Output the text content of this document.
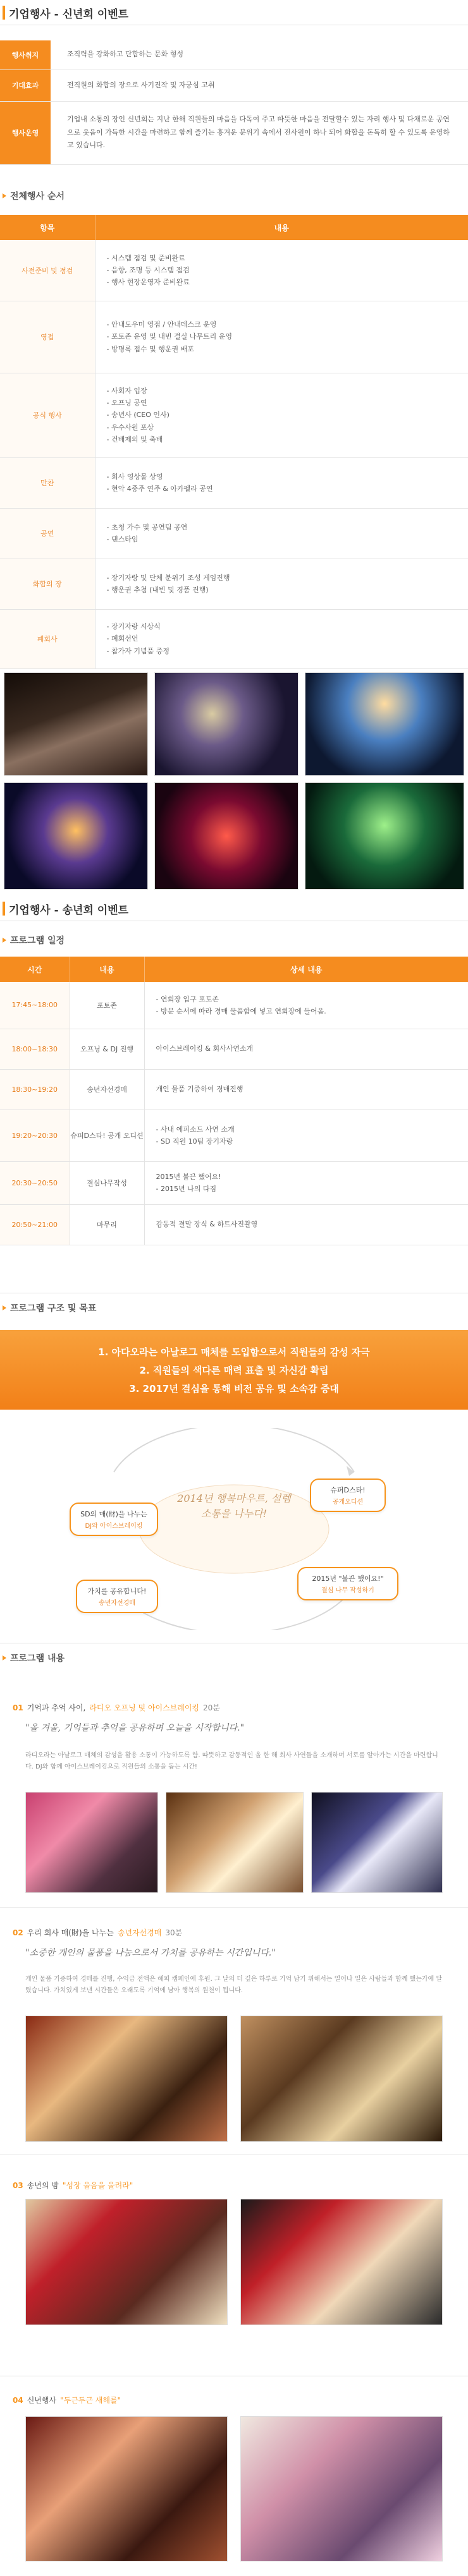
기업행사 - 신년회 이벤트
행사취지	조직력을 강화하고 단합하는 문화 형성
기대효과	전직원의 화합의 장으로 사기진작 및 자긍심 고취
행사운영	기업내 소통의 장인 신년회는 지난 한해 직원들의 마음을 다독여 주고 따뜻한 마음을 전달할수 있는 자리 행사 및 다채로운 공연으로 웃음이 가득한 시간을 마련하고 함께 즐기는 흥겨운 분위기 속에서 전사원이 하나 되어 화합을 돈독히 할 수 있도록 운영하고 있습니다.
전체행사 순서
항목	내용
사전준비 및 점검	- 시스템 점검 및 준비완료
- 음향, 조명 등 시스템 점검
- 행사 현장운영자 준비완료

영접	- 안내도우미 영접 / 안내데스크 운영
- 포토존 운영 및 내빈 결실 나무트리 운영
- 방명록 접수 및 행운권 배포

공식 행사	- 사회자 입장
- 오프닝 공연
- 송년사 (CEO 인사)
- 우수사원 포상
- 건배제의 및 축배

만찬	- 회사 영상물 상영
- 현악 4중주 연주 & 아카펠라 공연

공연	- 초청 가수 및 공연팀 공연
- 댄스타임

화합의 장	- 장기자랑 및 단체 분위기 조성 게임진행
- 행운권 추첨 (내빈 및 경품 진행)

폐회사	- 장기자랑 시상식
- 폐회선언
- 참가자 기념품 증정
기업행사 - 송년회 이벤트
프로그램 일정
시간	내용	상세 내용
17:45~18:00	포토존	- 연회장 입구 포토존
- 방문 순서에 따라 경매 물품함에 넣고 연회장에 들어옴.

18:00~18:30	오프닝 & DJ 진행	아이스브레이킹 & 회사사연소개

18:30~19:20	송년자선경매	개인 물품 기증하여 경매진행

19:20~20:30	슈퍼D스타! 공개 오디션	- 사내 에피소드 사연 소개
- SD 직원 10팀 장기자랑

20:30~20:50	결심나무작성	2015년 불끈 했어요!
- 2015년 나의 다짐

20:50~21:00	마무리	감동적 결말 장식 & 하트사진촬영
프로그램 구조 및 목표
1. 아다오라는 아날로그 매체를 도입함으로서 직원들의 감성 자극
2. 직원들의 색다른 매력 표출 및 자신감 확립
3. 2017년 결심을 통해 비전 공유 및 소속감 증대
2014년 행복마우트, 설렘 소통을 나누다!
SD의 매(財)을 나누는
DJ와 아이스브레이킹
슈퍼D스타!
공개오디션
가치를 공유합니다!
송년자선경매
2015년 "불끈 했어요!"
결심 나무 작성하기
프로그램 내용
01 기억과 추억 사이, 라디오 오프닝 및 아이스브레이킹 20분
"올 겨울, 기억들과 추억을 공유하며 오늘을 시작합니다."
라디오라는 아날로그 매체의 감성을 활용 소통이 가능하도록 함. 따뜻하고 감동적인 올 한 해 회사 사연들을 소개하며 서로를 알아가는 시간을 마련합니다. DJ와 함께 아이스브레이킹으로 직원들의 소통을 돕는 시간!
02 우리 회사 매(財)을 나누는 송년자선경매 30분
"소중한 개인의 물품을 나눔으로서 가치를 공유하는 시간입니다."
개인 물품 기증하여 경매를 진행, 수익금 전액은 해피 캠페인에 후원. 그 날의 더 깊은 하루로 기억 남기 위해서는 열어나 일은 사람들과 함께 했는가에 달렸습니다. 가치있게 보낸 시간들은 오래도록 기억에 남아 행복의 원천이 됩니다.
03 송년의 밤 "성장 울음을 울려라"
04 신년행사 "두근두근 새해를"
